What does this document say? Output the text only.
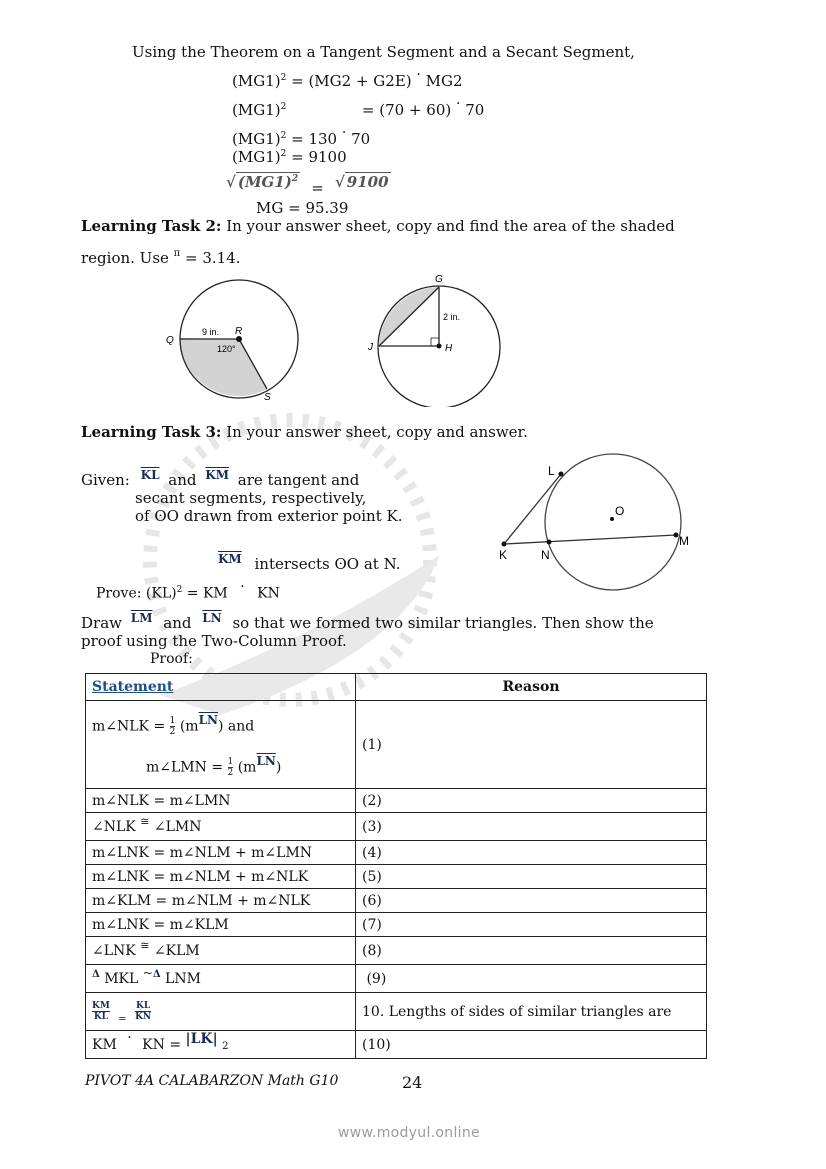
Using the Theorem on a Tangent Segment and a Secant Segment,
$(MG1)^2 = (MG2 + G2E) \cdot MG2$
$(MG1)^2$	= (70 + 60) · 70
$(MG1)^2 = 130 \cdot 70$
$(MG1)^2 = 9100$
√ $(MG1)^2$ = √ 9100
MG = 95.39
Learning Task 2: In your answer sheet, copy and find the area of the shaded
region. Use $^\pi$ = 3.14.
Q
R
S
9 in.
120°
G
J	H
2 in.
Learning Task 3: In your answer sheet, copy and answer.
Given: $^{\overline{KL}}$ and $^{\overline{KM}}$ are tangent and
secant segments, respectively,
of ʘO drawn from exterior point K.
$^{\overline{KM}}$ intersects ʘO at N.	K
L
N
M
O
Prove: (KL)$^2$ = KM · KN
Draw $^{\overline{LM}}$ and $^{\overline{LN}}$ so that we formed two similar triangles. Then show the
proof using the Two-Column Proof.
Proof:
Statement	Reason

m∠NLK = $\frac{1}{2} (m\overline{LN})$ and
m∠LMN = $\frac{1}{2} (m\overline{LN})$
	(1)
m∠NLK = m∠LMN	(2)
∠NLK ≅ ∠LMN	(3)
m∠LNK = m∠NLM + m∠LMN	(4)
m∠LNK = m∠NLM + m∠NLK	(5)
m∠KLM = m∠NLM + m∠NLK	(6)
m∠LNK = m∠KLM	(7)
∠LNK ≅ ∠KLM	(8)
$^\Delta$ MKL ~$^\Delta$ LNM	(9)

$\frac{KM}{KL} _= \frac{KL}{KN}$	10. Lengths of sides of similar triangles are
KM · KN = |LK| 2	(10)
PIVOT 4A CALABARZON Math G10	24
www.modyul.online
